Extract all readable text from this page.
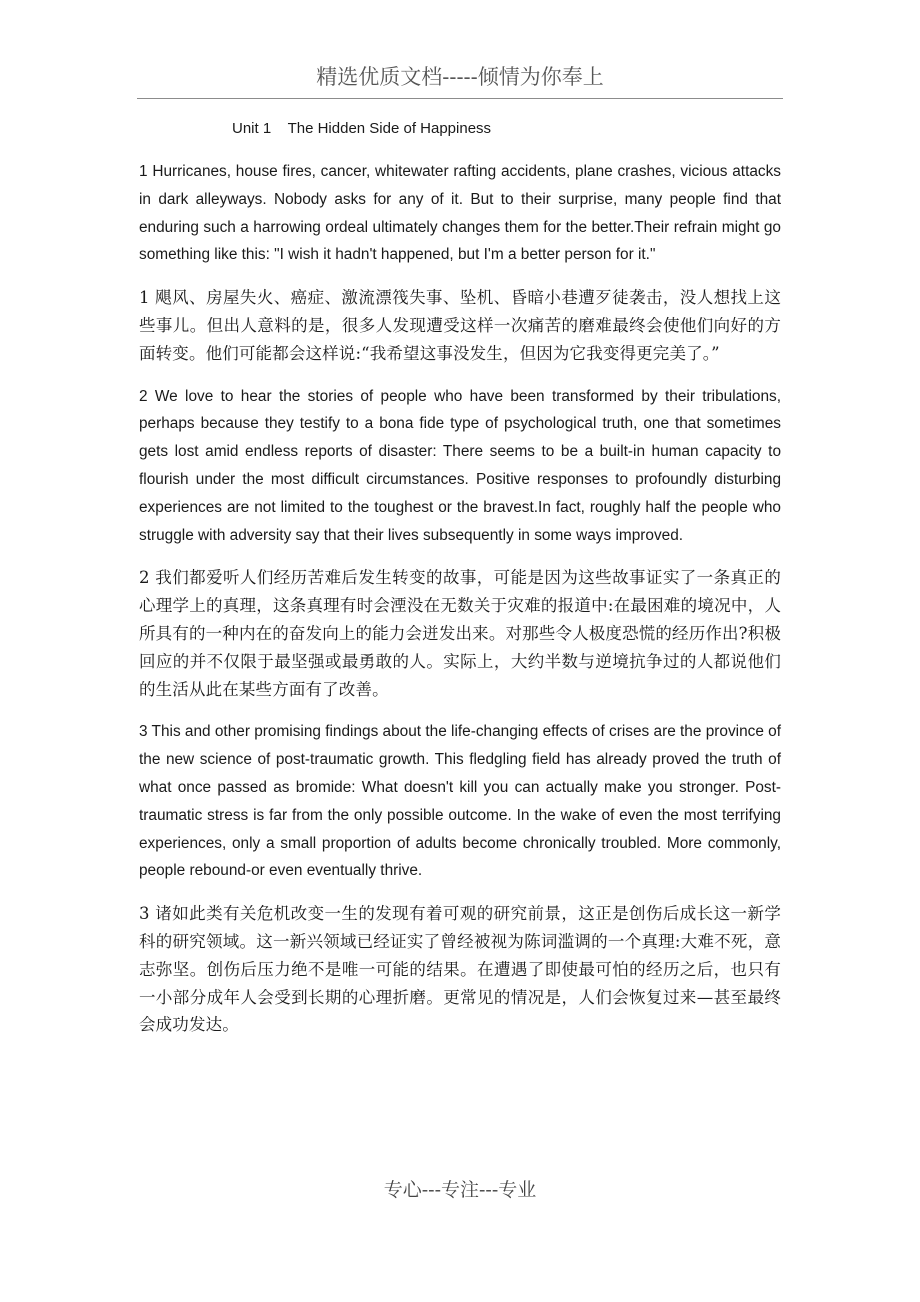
精选优质文档-----倾情为你奉上
Unit 1    The Hidden Side of Happiness

1 Hurricanes, house fires, cancer, whitewater rafting accidents, plane crashes, vicious attacks in dark alleyways. Nobody asks for any of it. But to their surprise, many people find that enduring such a harrowing ordeal ultimately changes them for the better.Their refrain might go something like this: "I wish it hadn't happened, but I'm a better person for it."

1 飓风、房屋失火、癌症、激流漂筏失事、坠机、昏暗小巷遭歹徒袭击，没人想找上这些事儿。但出人意料的是，很多人发现遭受这样一次痛苦的磨难最终会使他们向好的方面转变。他们可能都会这样说:“我希望这事没发生，但因为它我变得更完美了。”

2 We love to hear the stories of people who have been transformed by their tribulations, perhaps because they testify to a bona fide type of psychological truth, one that sometimes gets lost amid endless reports of disaster: There seems to be a built-in human capacity to flourish under the most difficult circumstances. Positive responses to profoundly disturbing experiences are not limited to the toughest or the bravest.In fact, roughly half the people who struggle with adversity say that their lives subsequently in some ways improved.

2 我们都爱听人们经历苦难后发生转变的故事，可能是因为这些故事证实了一条真正的心理学上的真理，这条真理有时会湮没在无数关于灾难的报道中:在最困难的境况中，人所具有的一种内在的奋发向上的能力会迸发出来。对那些令人极度恐慌的经历作出?积极回应的并不仅限于最坚强或最勇敢的人。实际上，大约半数与逆境抗争过的人都说他们的生活从此在某些方面有了改善。

3 This and other promising findings about the life-changing effects of crises are the province of the new science of post-traumatic growth. This fledgling field has already proved the truth of what once passed as bromide: What doesn't kill you can actually make you stronger. Post-traumatic stress is far from the only possible outcome. In the wake of even the most terrifying experiences, only a small proportion of adults become chronically troubled. More commonly, people rebound-or even eventually thrive.

3 诸如此类有关危机改变一生的发现有着可观的研究前景，这正是创伤后成长这一新学科的研究领域。这一新兴领域已经证实了曾经被视为陈词滥调的一个真理:大难不死，意志弥坚。创伤后压力绝不是唯一可能的结果。在遭遇了即使最可怕的经历之后，也只有一小部分成年人会受到长期的心理折磨。更常见的情况是，人们会恢复过来—甚至最终会成功发达。

专心---专注---专业
